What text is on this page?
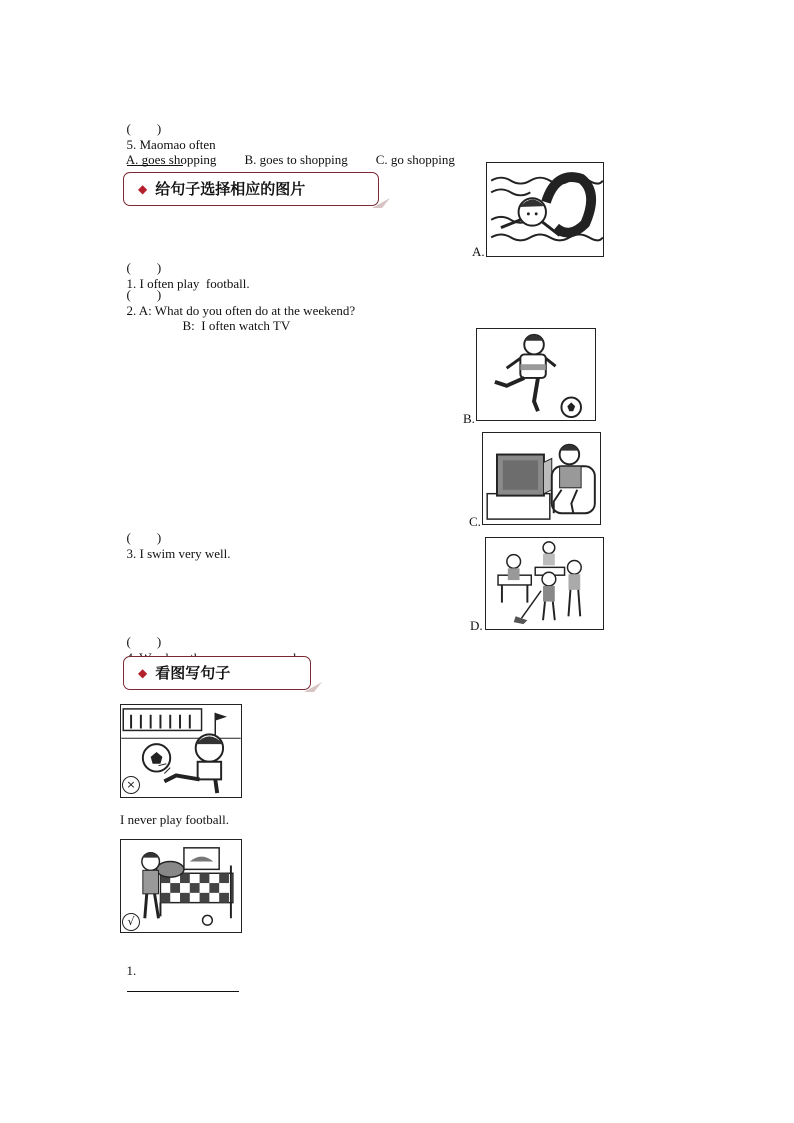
(        )
5. Maomao often

A. goes shopping B. goes to shopping C. go shopping

◆ 给句子选择相应的图片

(        )
1. I often play  football.

(        )
2. A: What do you often do at the weekend?

B:  I often watch TV

(        )
3. I swim very well.

(        )

A.
B.
C.
D.
◆ 看图写句子
×
I never play football.
√

1.
